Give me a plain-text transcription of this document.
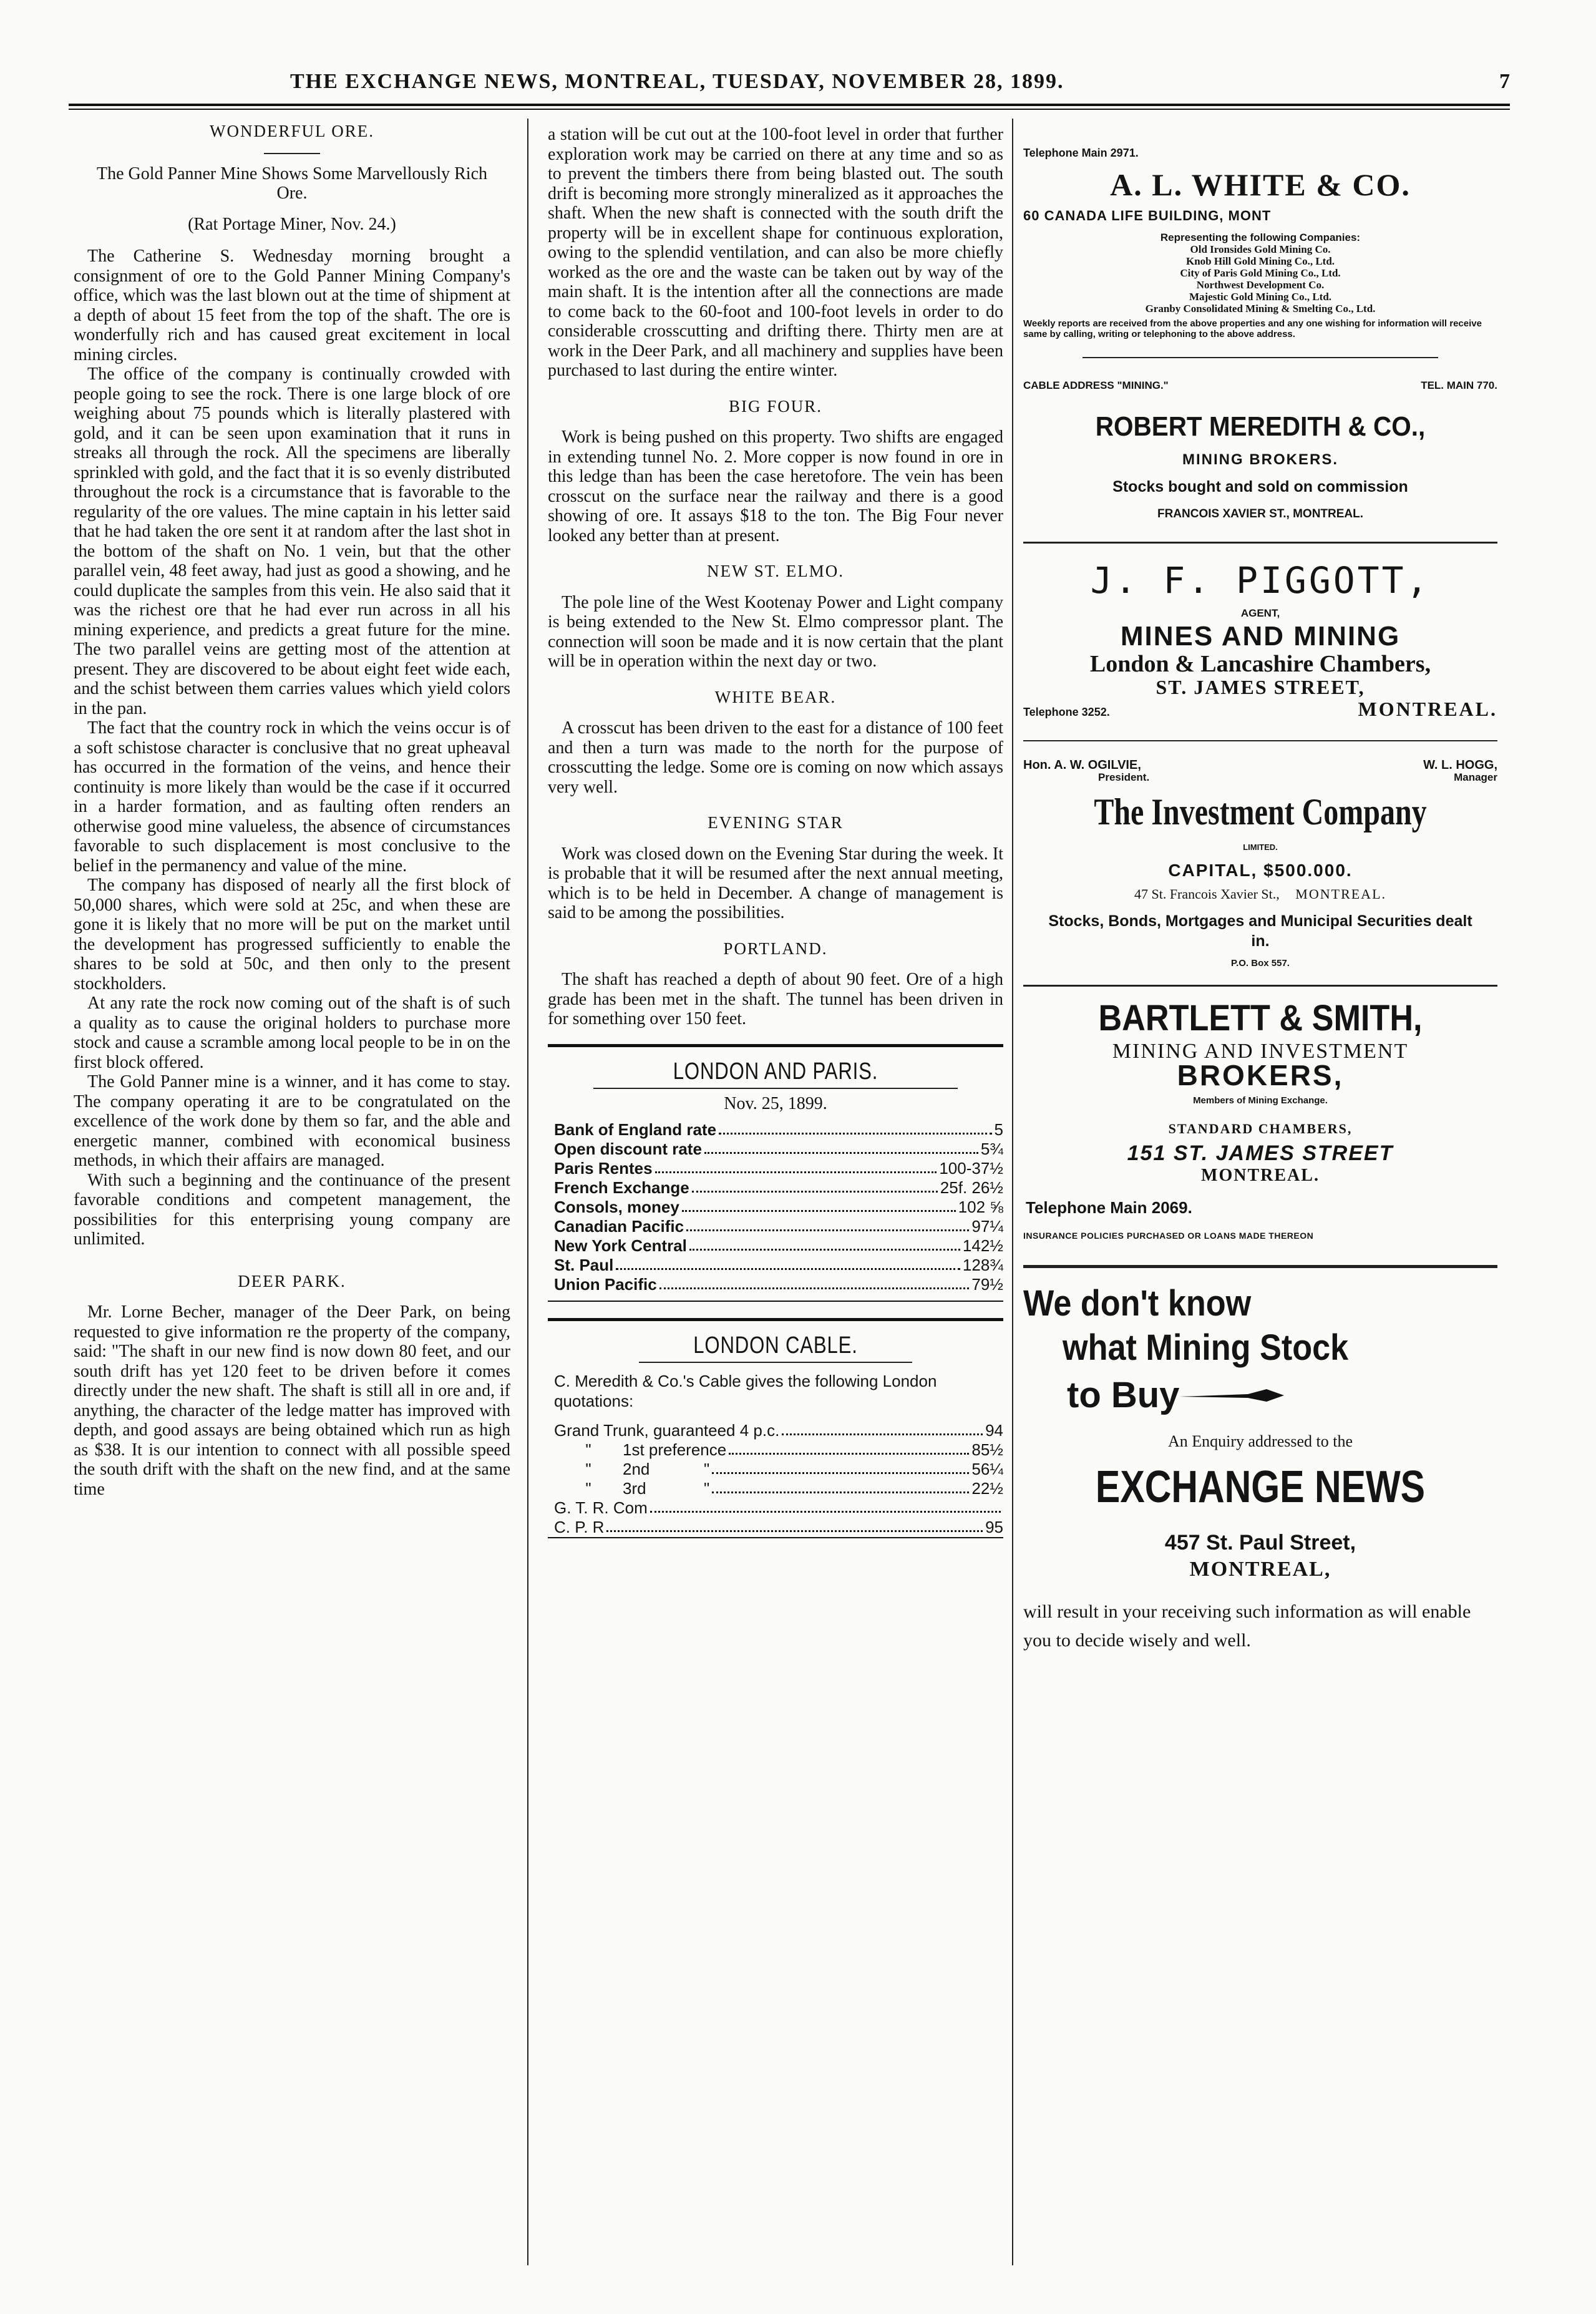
THE EXCHANGE NEWS, MONTREAL, TUESDAY, NOVEMBER 28, 1899.	7
WONDERFUL ORE.
The Gold Panner Mine Shows Some Marvellously Rich Ore.
(Rat Portage Miner, Nov. 24.)

The Catherine S. Wednesday morning brought a consignment of ore to the Gold Panner Mining Company's office, which was the last blown out at the time of shipment at a depth of about 15 feet from the top of the shaft. The ore is wonderfully rich and has caused great excitement in local mining circles.

The office of the company is continually crowded with people going to see the rock. There is one large block of ore weighing about 75 pounds which is literally plastered with gold, and it can be seen upon examination that it runs in streaks all through the rock. All the specimens are liberally sprinkled with gold, and the fact that it is so evenly distributed throughout the rock is a circumstance that is favorable to the regularity of the ore values. The mine captain in his letter said that he had taken the ore sent it at random after the last shot in the bottom of the shaft on No. 1 vein, but that the other parallel vein, 48 feet away, had just as good a showing, and he could duplicate the samples from this vein. He also said that it was the richest ore that he had ever run across in all his mining experience, and predicts a great future for the mine. The two parallel veins are getting most of the attention at present. They are discovered to be about eight feet wide each, and the schist between them carries values which yield colors in the pan.

The fact that the country rock in which the veins occur is of a soft schistose character is conclusive that no great upheaval has occurred in the formation of the veins, and hence their continuity is more likely than would be the case if it occurred in a harder formation, and as faulting often renders an otherwise good mine valueless, the absence of circumstances favorable to such displacement is most conclusive to the belief in the permanency and value of the mine.

The company has disposed of nearly all the first block of 50,000 shares, which were sold at 25c, and when these are gone it is likely that no more will be put on the market until the development has progressed sufficiently to enable the shares to be sold at 50c, and then only to the present stockholders.

At any rate the rock now coming out of the shaft is of such a quality as to cause the original holders to purchase more stock and cause a scramble among local people to be in on the first block offered.

The Gold Panner mine is a winner, and it has come to stay. The company operating it are to be congratulated on the excellence of the work done by them so far, and the able and energetic manner, combined with economical business methods, in which their affairs are managed.

With such a beginning and the continuance of the present favorable conditions and competent management, the possibilities for this enterprising young company are unlimited.

DEER PARK.

Mr. Lorne Becher, manager of the Deer Park, on being requested to give information re the property of the company, said: "The shaft in our new find is now down 80 feet, and our south drift has yet 120 feet to be driven before it comes directly under the new shaft. The shaft is still all in ore and, if anything, the character of the ledge matter has improved with depth, and good assays are being obtained which run as high as $38. It is our intention to connect with all possible speed the south drift with the shaft on the new find, and at the same time

a station will be cut out at the 100-foot level in order that further exploration work may be carried on there at any time and so as to prevent the timbers there from being blasted out. The south drift is becoming more strongly mineralized as it approaches the shaft. When the new shaft is connected with the south drift the property will be in excellent shape for continuous exploration, owing to the splendid ventilation, and can also be more chiefly worked as the ore and the waste can be taken out by way of the main shaft. It is the intention after all the connections are made to come back to the 60-foot and 100-foot levels in order to do considerable crosscutting and drifting there. Thirty men are at work in the Deer Park, and all machinery and supplies have been purchased to last during the entire winter.

BIG FOUR.

Work is being pushed on this property. Two shifts are engaged in extending tunnel No. 2. More copper is now found in ore in this ledge than has been the case heretofore. The vein has been crosscut on the surface near the railway and there is a good showing of ore. It assays $18 to the ton. The Big Four never looked any better than at present.

NEW ST. ELMO.

The pole line of the West Kootenay Power and Light company is being extended to the New St. Elmo compressor plant. The connection will soon be made and it is now certain that the plant will be in operation within the next day or two.

WHITE BEAR.

A crosscut has been driven to the east for a distance of 100 feet and then a turn was made to the north for the purpose of crosscutting the ledge. Some ore is coming on now which assays very well.

EVENING STAR

Work was closed down on the Evening Star during the week. It is probable that it will be resumed after the next annual meeting, which is to be held in December. A change of management is said to be among the possibilities.

PORTLAND.

The shaft has reached a depth of about 90 feet. Ore of a high grade has been met in the shaft. The tunnel has been driven in for something over 150 feet.

LONDON AND PARIS.
Nov. 25, 1899.
Bank of England rate	5
Open discount rate	5¾
Paris Rentes	100-37½
French Exchange	25f. 26½
Consols, money	102 ⅝
Canadian Pacific	97¼
New York Central	142½
St. Paul	128¾
Union Pacific	79½
LONDON CABLE.
C. Meredith & Co.'s Cable gives the following London quotations:
Grand Trunk, guaranteed 4 p.c.	94
"	1st preference	85½
"	2nd	"	56¼
"	3rd	"	22½
G. T. R. Com
C. P. R	95
Telephone Main 2971.
A. L. WHITE & CO.
60 CANADA LIFE BUILDING, MONT
Representing the following Companies:
Old Ironsides Gold Mining Co.
Knob Hill Gold Mining Co., Ltd.
City of Paris Gold Mining Co., Ltd.
Northwest Development Co.
Majestic Gold Mining Co., Ltd.
Granby Consolidated Mining & Smelting Co., Ltd.
Weekly reports are received from the above properties and any one wishing for information will receive same by calling, writing or telephoning to the above address.
CABLE ADDRESS "MINING."	TEL. MAIN 770.
ROBERT MEREDITH & CO.,
MINING BROKERS.
Stocks bought and sold on commission
FRANCOIS XAVIER ST., MONTREAL.
J. F. PIGGOTT,
AGENT,
MINES AND MINING
London & Lancashire Chambers,
ST. JAMES STREET,
Telephone 3252.	MONTREAL.
Hon. A. W. OGILVIE,
President.
W. L. HOGG,
Manager
The Investment Company
LIMITED.
CAPITAL, $500.000.
47 St. Francois Xavier St., MONTREAL.
Stocks, Bonds, Mortgages and Municipal Securities dealt in.
P.O. Box 557.
BARTLETT & SMITH,
MINING AND INVESTMENT
BROKERS,
Members of Mining Exchange.
STANDARD CHAMBERS,
151 ST. JAMES STREET
MONTREAL.
Telephone Main 2069.
INSURANCE POLICIES PURCHASED OR LOANS MADE THEREON
We don't know
what Mining Stock
to Buy
An Enquiry addressed to the
EXCHANGE NEWS
457 St. Paul Street,
MONTREAL,
will result in your receiving such information as will enable you to decide wisely and well.
